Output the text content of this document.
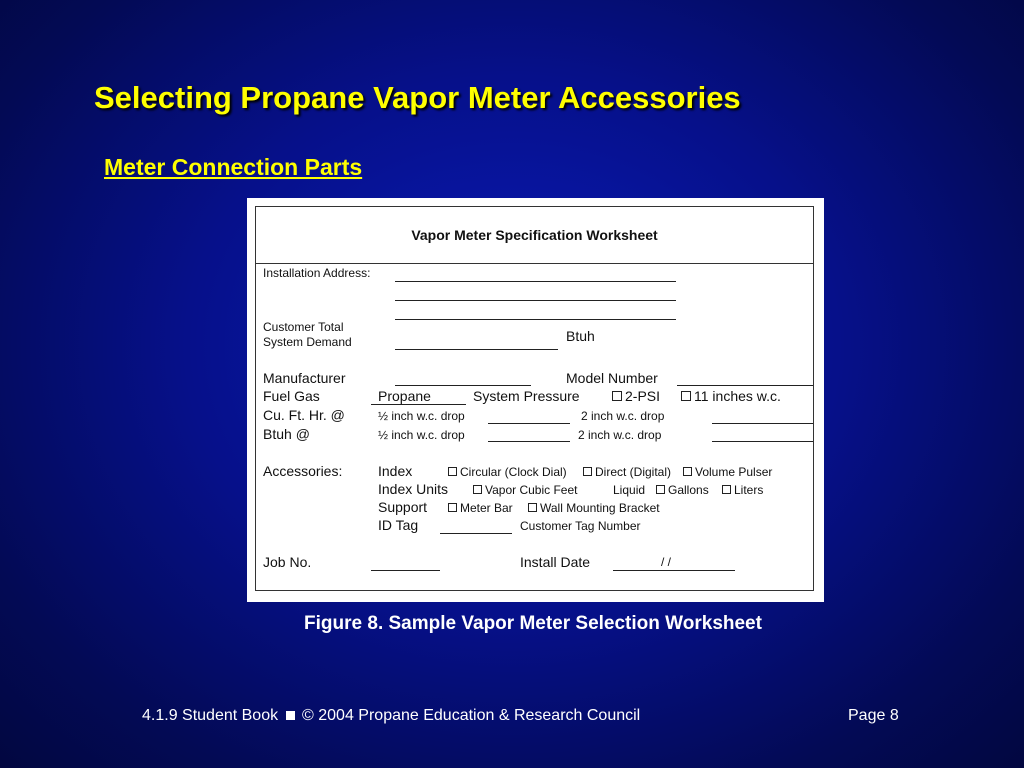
Selecting Propane Vapor Meter Accessories
Meter Connection Parts
Vapor Meter Specification Worksheet
Installation Address:
Customer Total
System Demand	Btuh
Manufacturer	Model Number
Fuel Gas	Propane	System Pressure	2-PSI	11 inches w.c.
Cu. Ft. Hr. @	½ inch w.c. drop	2 inch w.c. drop
Btuh @	½ inch w.c. drop	2 inch w.c. drop
Accessories:	Index	Circular (Clock Dial)	Direct (Digital)	Volume Pulser
Index Units	Vapor Cubic Feet	Liquid	Gallons	Liters
Support	Meter Bar	Wall Mounting Bracket
ID Tag	Customer Tag Number
Job No.	Install Date	/ /
Figure 8. Sample Vapor Meter Selection Worksheet
4.1.9 Student Book © 2004 Propane Education & Research Council	Page 8
